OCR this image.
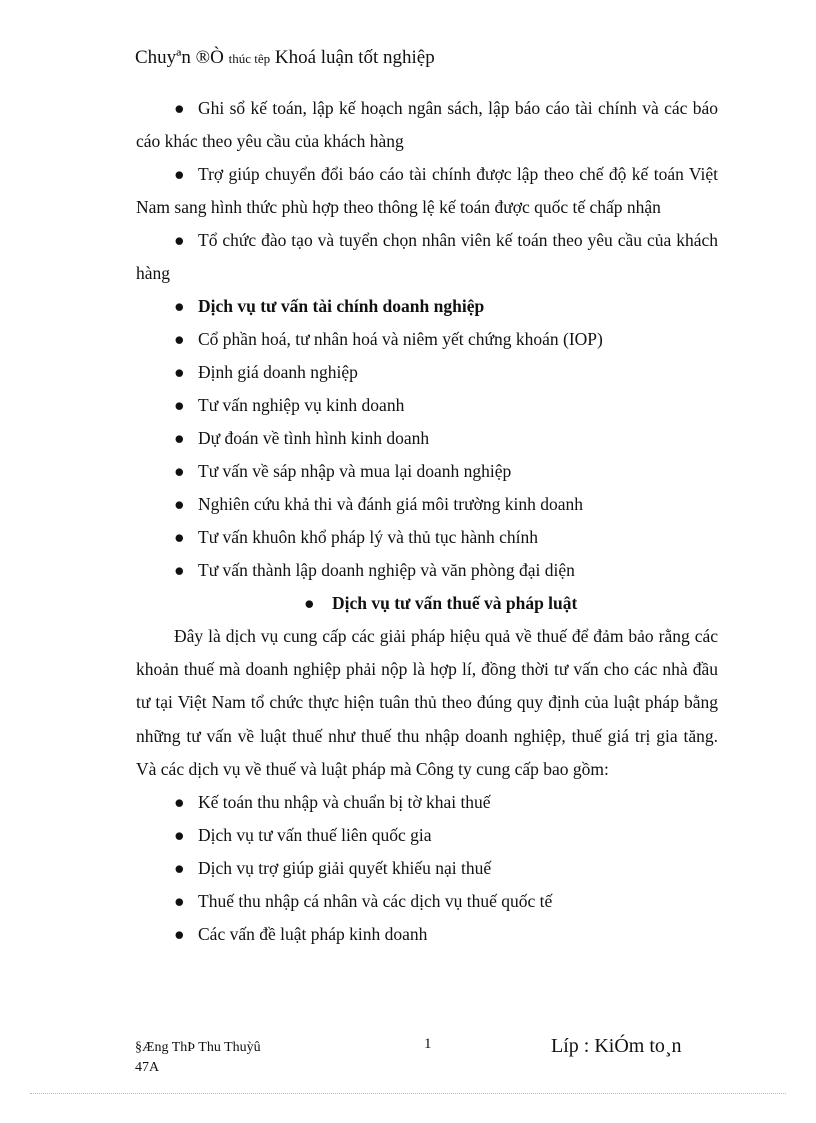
Chuyªn ®Ò thúc têp Khoá luận tốt nghiệp
● Ghi sổ kế toán, lập kế hoạch ngân sách, lập báo cáo tài chính và các báo cáo khác theo yêu cầu của khách hàng
● Trợ giúp chuyển đổi báo cáo tài chính được lập theo chế độ kế toán Việt Nam sang hình thức phù hợp theo thông lệ kế toán được quốc tế chấp nhận
● Tổ chức đào tạo và tuyển chọn nhân viên kế toán theo yêu cầu của khách hàng
● Dịch vụ tư vấn tài chính doanh nghiệp
● Cổ phần hoá, tư nhân hoá và niêm yết chứng khoán (IOP)
● Định giá doanh nghiệp
● Tư vấn nghiệp vụ kinh doanh
● Dự đoán về tình hình kinh doanh
● Tư vấn về sáp nhập và mua lại doanh nghiệp
● Nghiên cứu khả thi và đánh giá môi trường kinh doanh
● Tư vấn khuôn khổ pháp lý và thủ tục hành chính
● Tư vấn thành lập doanh nghiệp và văn phòng đại diện
● Dịch vụ tư vấn thuế và pháp luật
Đây là dịch vụ cung cấp các giải pháp hiệu quả về thuế để đảm bảo rằng các khoản thuế mà doanh nghiệp phải nộp là hợp lí, đồng thời tư vấn cho các nhà đầu tư tại Việt Nam tổ chức thực hiện tuân thủ theo đúng quy định của luật pháp bằng những tư vấn về luật thuế như thuế thu nhập doanh nghiệp, thuế giá trị gia tăng. Và các dịch vụ về thuế và luật pháp mà Công ty cung cấp bao gồm:
● Kế toán thu nhập và chuẩn bị tờ khai thuế
● Dịch vụ tư vấn thuế liên quốc gia
● Dịch vụ trợ giúp giải quyết khiếu nại thuế
● Thuế thu nhập cá nhân và các dịch vụ thuế quốc tế
● Các vấn đề luật pháp kinh doanh
§Æng ThÞ Thu Thuỳû
47A
1	Líp : KiÓm to¸n
